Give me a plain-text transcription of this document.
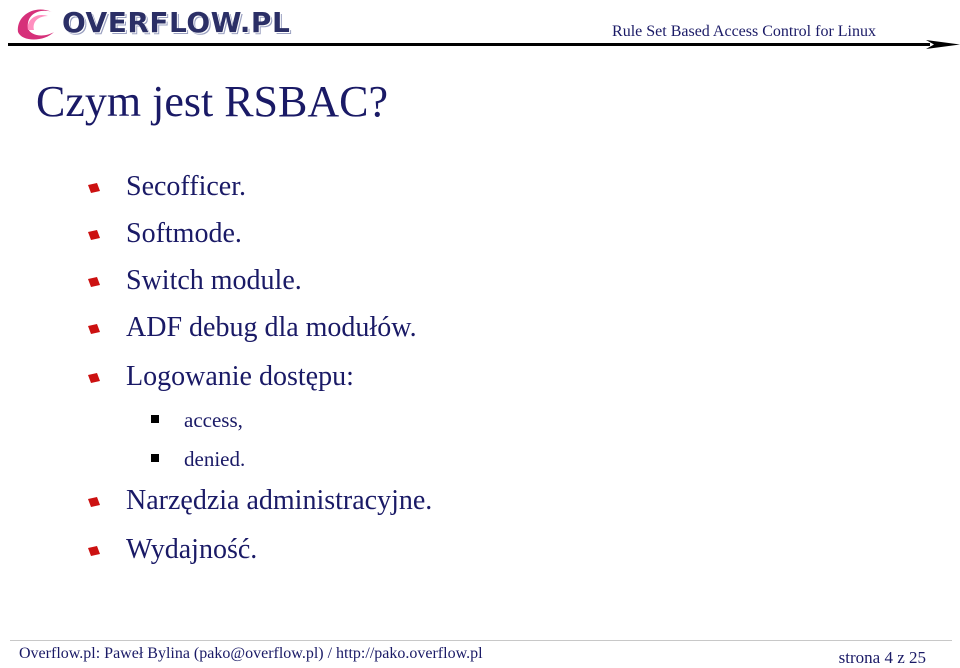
OVERFLOW.PL	Rule Set Based Access Control for Linux
Czym jest RSBAC?
Secofficer.
Softmode.
Switch module.
ADF debug dla modułów.
Logowanie dostępu:
access,
denied.
Narzędzia administracyjne.
Wydajność.
Overflow.pl: Paweł Bylina (pako@overflow.pl) / http://pako.overflow.pl	strona 4 z 25
